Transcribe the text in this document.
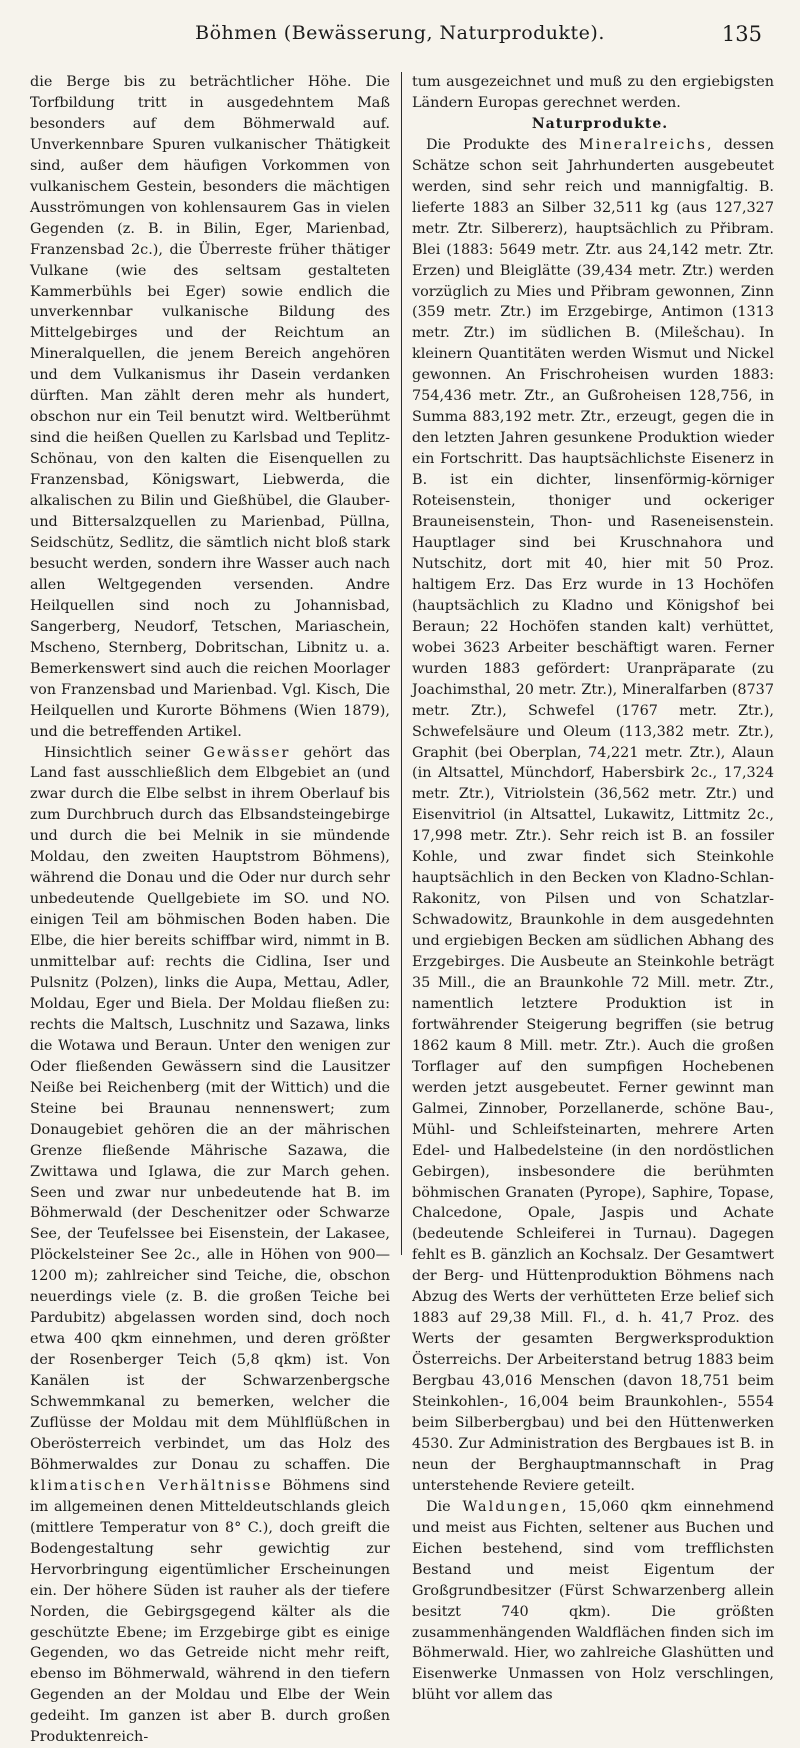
Böhmen (Bewässerung, Naturprodukte).	135

die Berge bis zu beträchtlicher Höhe. Die Torfbildung tritt in ausgedehntem Maß besonders auf dem Böhmerwald auf. Unverkennbare Spuren vulkanischer Thätigkeit sind, außer dem häufigen Vorkommen von vulkanischem Gestein, besonders die mächtigen Ausströmungen von kohlensaurem Gas in vielen Gegenden (z. B. in Bilin, Eger, Marienbad, Franzensbad 2c.), die Überreste früher thätiger Vulkane (wie des seltsam gestalteten Kammerbühls bei Eger) sowie endlich die unverkennbar vulkanische Bildung des Mittelgebirges und der Reichtum an Mineralquellen, die jenem Bereich angehören und dem Vulkanismus ihr Dasein verdanken dürften. Man zählt deren mehr als hundert, obschon nur ein Teil benutzt wird. Weltberühmt sind die heißen Quellen zu Karlsbad und Teplitz-Schönau, von den kalten die Eisenquellen zu Franzensbad, Königswart, Liebwerda, die alkalischen zu Bilin und Gießhübel, die Glauber- und Bittersalzquellen zu Marienbad, Püllna, Seidschütz, Sedlitz, die sämtlich nicht bloß stark besucht werden, sondern ihre Wasser auch nach allen Weltgegenden versenden. Andre Heilquellen sind noch zu Johannisbad, Sangerberg, Neudorf, Tetschen, Mariaschein, Mscheno, Sternberg, Dobritschan, Libnitz u. a. Bemerkenswert sind auch die reichen Moorlager von Franzensbad und Marienbad. Vgl. Kisch, Die Heilquellen und Kurorte Böhmens (Wien 1879), und die betreffenden Artikel.

Hinsichtlich seiner Gewässer gehört das Land fast ausschließlich dem Elbgebiet an (und zwar durch die Elbe selbst in ihrem Oberlauf bis zum Durchbruch durch das Elbsandsteingebirge und durch die bei Melnik in sie mündende Moldau, den zweiten Hauptstrom Böhmens), während die Donau und die Oder nur durch sehr unbedeutende Quellgebiete im SO. und NO. einigen Teil am böhmischen Boden haben. Die Elbe, die hier bereits schiffbar wird, nimmt in B. unmittelbar auf: rechts die Cidlina, Iser und Pulsnitz (Polzen), links die Aupa, Mettau, Adler, Moldau, Eger und Biela. Der Moldau fließen zu: rechts die Maltsch, Luschnitz und Sazawa, links die Wotawa und Beraun. Unter den wenigen zur Oder fließenden Gewässern sind die Lausitzer Neiße bei Reichenberg (mit der Wittich) und die Steine bei Braunau nennenswert; zum Donaugebiet gehören die an der mährischen Grenze fließende Mährische Sazawa, die Zwittawa und Iglawa, die zur March gehen. Seen und zwar nur unbedeutende hat B. im Böhmerwald (der Deschenitzer oder Schwarze See, der Teufelssee bei Eisenstein, der Lakasee, Plöckelsteiner See 2c., alle in Höhen von 900—1200 m); zahlreicher sind Teiche, die, obschon neuerdings viele (z. B. die großen Teiche bei Pardubitz) abgelassen worden sind, doch noch etwa 400 qkm einnehmen, und deren größter der Rosenberger Teich (5,8 qkm) ist. Von Kanälen ist der Schwarzenbergsche Schwemmkanal zu bemerken, welcher die Zuflüsse der Moldau mit dem Mühlflüßchen in Oberösterreich verbindet, um das Holz des Böhmerwaldes zur Donau zu schaffen. Die klimatischen Verhältnisse Böhmens sind im allgemeinen denen Mitteldeutschlands gleich (mittlere Temperatur von 8° C.), doch greift die Bodengestaltung sehr gewichtig zur Hervorbringung eigentümlicher Erscheinungen ein. Der höhere Süden ist rauher als der tiefere Norden, die Gebirgsgegend kälter als die geschützte Ebene; im Erzgebirge gibt es einige Gegenden, wo das Getreide nicht mehr reift, ebenso im Böhmerwald, während in den tiefern Gegenden an der Moldau und Elbe der Wein gedeiht. Im ganzen ist aber B. durch großen Produktenreich-

tum ausgezeichnet und muß zu den ergiebigsten Ländern Europas gerechnet werden.

Naturprodukte.

Die Produkte des Mineralreichs, dessen Schätze schon seit Jahrhunderten ausgebeutet werden, sind sehr reich und mannigfaltig. B. lieferte 1883 an Silber 32,511 kg (aus 127,327 metr. Ztr. Silbererz), hauptsächlich zu Přibram. Blei (1883: 5649 metr. Ztr. aus 24,142 metr. Ztr. Erzen) und Bleiglätte (39,434 metr. Ztr.) werden vorzüglich zu Mies und Přibram gewonnen, Zinn (359 metr. Ztr.) im Erzgebirge, Antimon (1313 metr. Ztr.) im südlichen B. (Milešchau). In kleinern Quantitäten werden Wismut und Nickel gewonnen. An Frischroheisen wurden 1883: 754,436 metr. Ztr., an Gußroheisen 128,756, in Summa 883,192 metr. Ztr., erzeugt, gegen die in den letzten Jahren gesunkene Produktion wieder ein Fortschritt. Das hauptsächlichste Eisenerz in B. ist ein dichter, linsenförmig-körniger Roteisenstein, thoniger und ockeriger Brauneisenstein, Thon- und Raseneisenstein. Hauptlager sind bei Kruschnahora und Nutschitz, dort mit 40, hier mit 50 Proz. haltigem Erz. Das Erz wurde in 13 Hochöfen (hauptsächlich zu Kladno und Königshof bei Beraun; 22 Hochöfen standen kalt) verhüttet, wobei 3623 Arbeiter beschäftigt waren. Ferner wurden 1883 gefördert: Uranpräparate (zu Joachimsthal, 20 metr. Ztr.), Mineralfarben (8737 metr. Ztr.), Schwefel (1767 metr. Ztr.), Schwefelsäure und Oleum (113,382 metr. Ztr.), Graphit (bei Oberplan, 74,221 metr. Ztr.), Alaun (in Altsattel, Münchdorf, Habersbirk 2c., 17,324 metr. Ztr.), Vitriolstein (36,562 metr. Ztr.) und Eisenvitriol (in Altsattel, Lukawitz, Littmitz 2c., 17,998 metr. Ztr.). Sehr reich ist B. an fossiler Kohle, und zwar findet sich Steinkohle hauptsächlich in den Becken von Kladno-Schlan-Rakonitz, von Pilsen und von Schatzlar-Schwadowitz, Braunkohle in dem ausgedehnten und ergiebigen Becken am südlichen Abhang des Erzgebirges. Die Ausbeute an Steinkohle beträgt 35 Mill., die an Braunkohle 72 Mill. metr. Ztr., namentlich letztere Produktion ist in fortwährender Steigerung begriffen (sie betrug 1862 kaum 8 Mill. metr. Ztr.). Auch die großen Torflager auf den sumpfigen Hochebenen werden jetzt ausgebeutet. Ferner gewinnt man Galmei, Zinnober, Porzellanerde, schöne Bau-, Mühl- und Schleifsteinarten, mehrere Arten Edel- und Halbedelsteine (in den nordöstlichen Gebirgen), insbesondere die berühmten böhmischen Granaten (Pyrope), Saphire, Topase, Chalcedone, Opale, Jaspis und Achate (bedeutende Schleiferei in Turnau). Dagegen fehlt es B. gänzlich an Kochsalz. Der Gesamtwert der Berg- und Hüttenproduktion Böhmens nach Abzug des Werts der verhütteten Erze belief sich 1883 auf 29,38 Mill. Fl., d. h. 41,7 Proz. des Werts der gesamten Bergwerksproduktion Österreichs. Der Arbeiterstand betrug 1883 beim Bergbau 43,016 Menschen (davon 18,751 beim Steinkohlen-, 16,004 beim Braunkohlen-, 5554 beim Silberbergbau) und bei den Hüttenwerken 4530. Zur Administration des Bergbaues ist B. in neun der Berghauptmannschaft in Prag unterstehende Reviere geteilt.

Die Waldungen, 15,060 qkm einnehmend und meist aus Fichten, seltener aus Buchen und Eichen bestehend, sind vom trefflichsten Bestand und meist Eigentum der Großgrundbesitzer (Fürst Schwarzenberg allein besitzt 740 qkm). Die größten zusammenhängenden Waldflächen finden sich im Böhmerwald. Hier, wo zahlreiche Glashütten und Eisenwerke Unmassen von Holz verschlingen, blüht vor allem das
